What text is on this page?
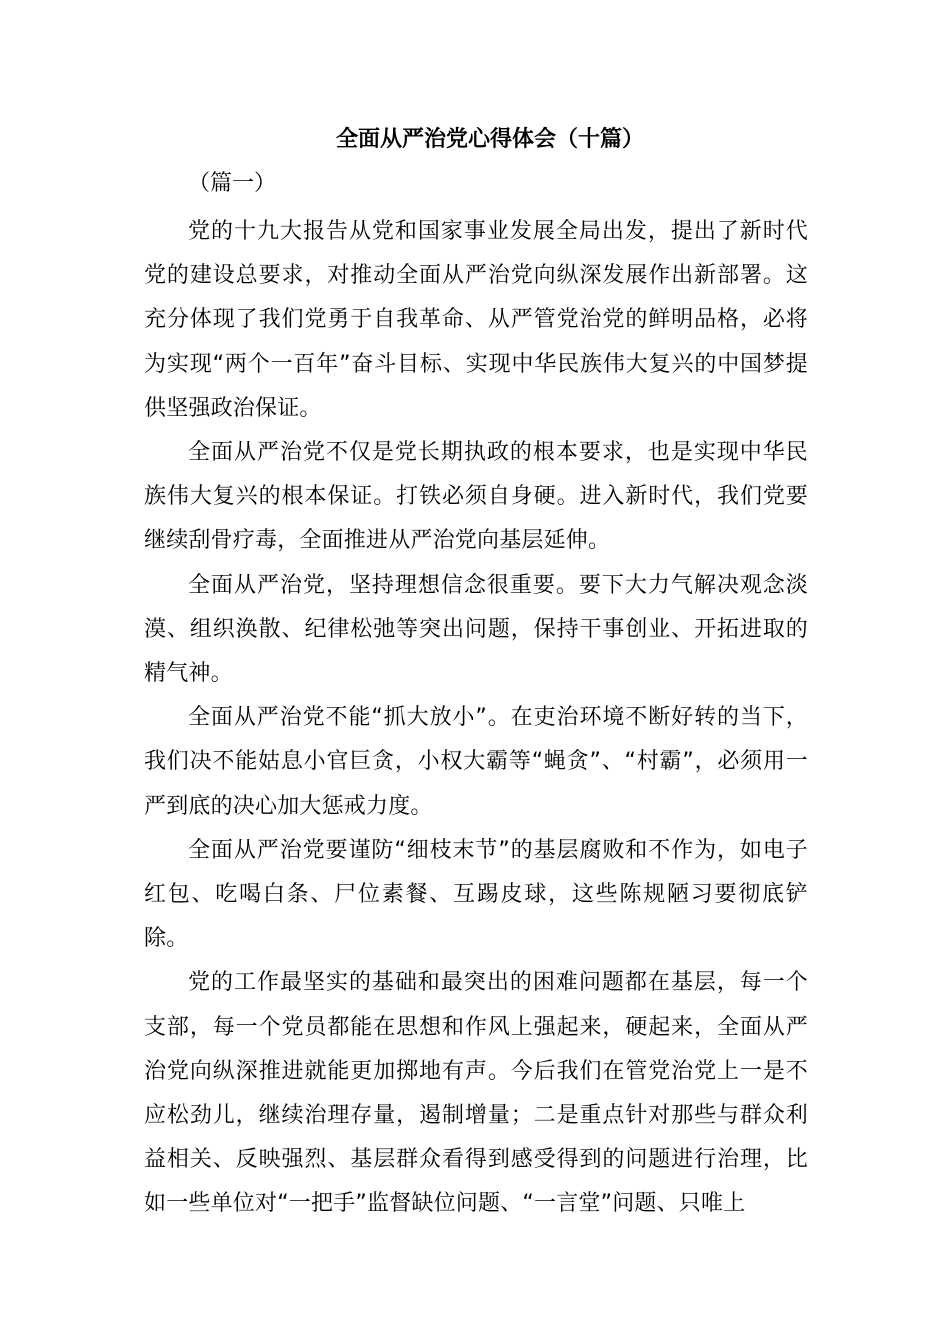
全面从严治党心得体会（十篇）
（篇一）

党的十九大报告从党和国家事业发展全局出发，提出了新时代党的建设总要求，对推动全面从严治党向纵深发展作出新部署。这充分体现了我们党勇于自我革命、从严管党治党的鲜明品格，必将为实现“两个一百年”奋斗目标、实现中华民族伟大复兴的中国梦提供坚强政治保证。

全面从严治党不仅是党长期执政的根本要求，也是实现中华民族伟大复兴的根本保证。打铁必须自身硬。进入新时代，我们党要继续刮骨疗毒，全面推进从严治党向基层延伸。

全面从严治党，坚持理想信念很重要。要下大力气解决观念淡漠、组织涣散、纪律松弛等突出问题，保持干事创业、开拓进取的精气神。

全面从严治党不能“抓大放小”。在吏治环境不断好转的当下，我们决不能姑息小官巨贪，小权大霸等“蝇贪”、“村霸”，必须用一严到底的决心加大惩戒力度。

全面从严治党要谨防“细枝末节”的基层腐败和不作为，如电子红包、吃喝白条、尸位素餐、互踢皮球，这些陈规陋习要彻底铲除。

党的工作最坚实的基础和最突出的困难问题都在基层，每一个支部，每一个党员都能在思想和作风上强起来，硬起来，全面从严治党向纵深推进就能更加掷地有声。今后我们在管党治党上一是不应松劲儿，继续治理存量，遏制增量；二是重点针对那些与群众利益相关、反映强烈、基层群众看得到感受得到的问题进行治理，比如一些单位对“一把手”监督缺位问题、“一言堂”问题、只唯上
